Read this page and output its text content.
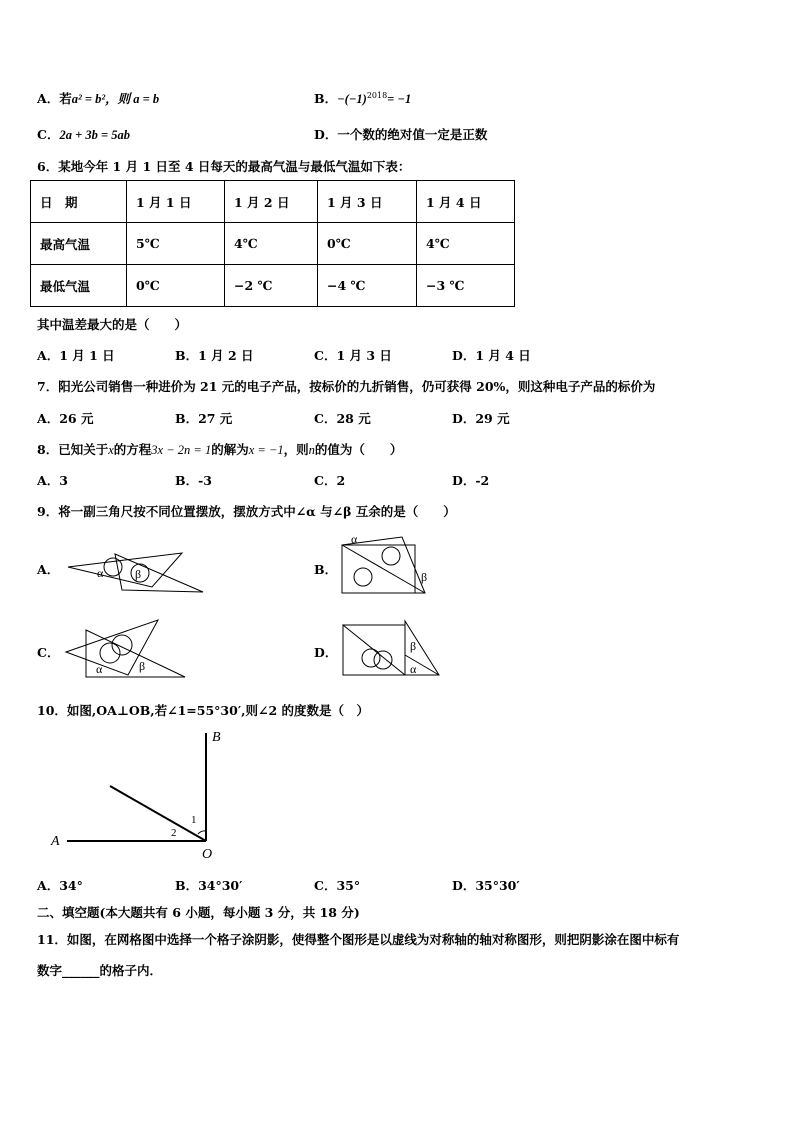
A．若a² = b²，则 a = b	B．$-(-1)^{2018}= -1$
C．2a + 3b = 5ab	D．一个数的绝对值一定是正数
6．某地今年 1 月 1 日至 4 日每天的最高气温与最低气温如下表：
日　期	1 月 1 日	1 月 2 日	1 月 3 日	1 月 4 日
最高气温	5℃	4℃	0℃	4℃
最低气温	0℃	−2 ℃	−4 ℃	−3 ℃
其中温差最大的是（　　）
A．1 月 1 日	B．1 月 2 日	C．1 月 3 日	D．1 月 4 日
7．阳光公司销售一种进价为 21 元的电子产品，按标价的九折销售，仍可获得 20%，则这种电子产品的标价为
A．26 元	B．27 元	C．28 元	D．29 元
8．已知关于x的方程3x − 2n = 1的解为x = −1，则n的值为（　　）
A．3	B．-3	C．2	D．-2
9．将一副三角尺按不同位置摆放，摆放方式中∠α 与∠β 互余的是（　　）
A．	α	β	B．
α
β
C．
α	β
D．	β
α
10．如图,OA⊥OB,若∠1=55°30′,则∠2 的度数是（　）
B
A
O
1
2
A．34°	B．34°30′	C．35°	D．35°30′
二、填空题(本大题共有 6 小题，每小题 3 分，共 18 分)
11．如图，在网格图中选择一个格子涂阴影，使得整个图形是以虚线为对称轴的轴对称图形，则把阴影涂在图中标有
数字______的格子内．
